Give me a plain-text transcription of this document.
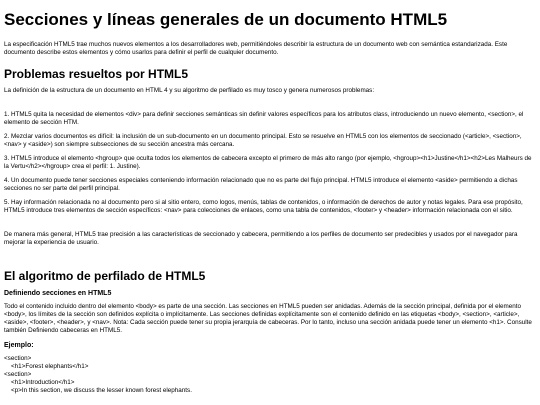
Secciones y líneas generales de un documento HTML5

La especificación HTML5 trae muchos nuevos elementos a los desarrolladores web, permitiéndoles describir la estructura de un documento web con semántica estandarizada. Este documento describe estos elementos y cómo usarlos para definir el perfil de cualquier documento.

Problemas resueltos por HTML5

La definición de la estructura de un documento en HTML 4 y su algoritmo de perfilado es muy tosco y genera numerosos problemas:

1. HTML5 quita la necesidad de elementos <div> para definir secciones semánticas sin definir valores específicos para los atributos class, introduciendo un nuevo elemento, <section>, el elemento de sección HTM.
2. Mezclar varios documentos es difícil: la inclusión de un sub-documento en un documento principal. Esto se resuelve en HTML5 con los elementos de seccionado (<article>, <section>, <nav> y <aside>) son siempre subsecciones de su sección ancestra más cercana.
3. HTML5 introduce el elemento <hgroup> que oculta todos los elementos de cabecera excepto el primero de más alto rango (por ejemplo, <hgroup><h1>Justine</h1><h2>Les Malheurs de la Vertu</h2></hgroup> crea el perfil: 1. Justine).
4. Un documento puede tener secciones especiales conteniendo información relacionado que no es parte del flujo principal. HTML5 introduce el elemento <aside> permitiendo a dichas secciones no ser parte del perfil principal.
5. Hay información relacionada no al documento pero si al sitio entero, como logos, menús, tablas de contenidos, o información de derechos de autor y notas legales. Para ese propósito, HTML5 introduce tres elementos de sección específicos: <nav> para colecciones de enlaces, como una tabla de contenidos, <footer> y <header> información relacionada con el sitio.

De manera más general, HTML5 trae precisión a las características de seccionado y cabecera, permitiendo a los perfiles de documento ser predecibles y usados por el navegador para mejorar la experiencia de usuario.

El algoritmo de perfilado de HTML5
Definiendo secciones en HTML5

Todo el contenido incluido dentro del elemento <body> es parte de una sección. Las secciones en HTML5 pueden ser anidadas. Además de la sección principal, definida por el elemento <body>, los límites de la sección son definidos explícita o implícitamente. Las secciones definidas explícitamente son el contenido definido en las etiquetas <body>, <section>, <article>, <aside>, <footer>, <header>, y <nav>. Nota: Cada sección puede tener su propia jerarquía de cabeceras. Por lo tanto, incluso una sección anidada puede tener un elemento <h1>. Consulte también Definiendo cabeceras en HTML5.

Ejemplo:
<section>
<h1>Forest elephants</h1>
<section>
<h1>Introduction</h1>
<p>In this section, we discuss the lesser known forest elephants.
